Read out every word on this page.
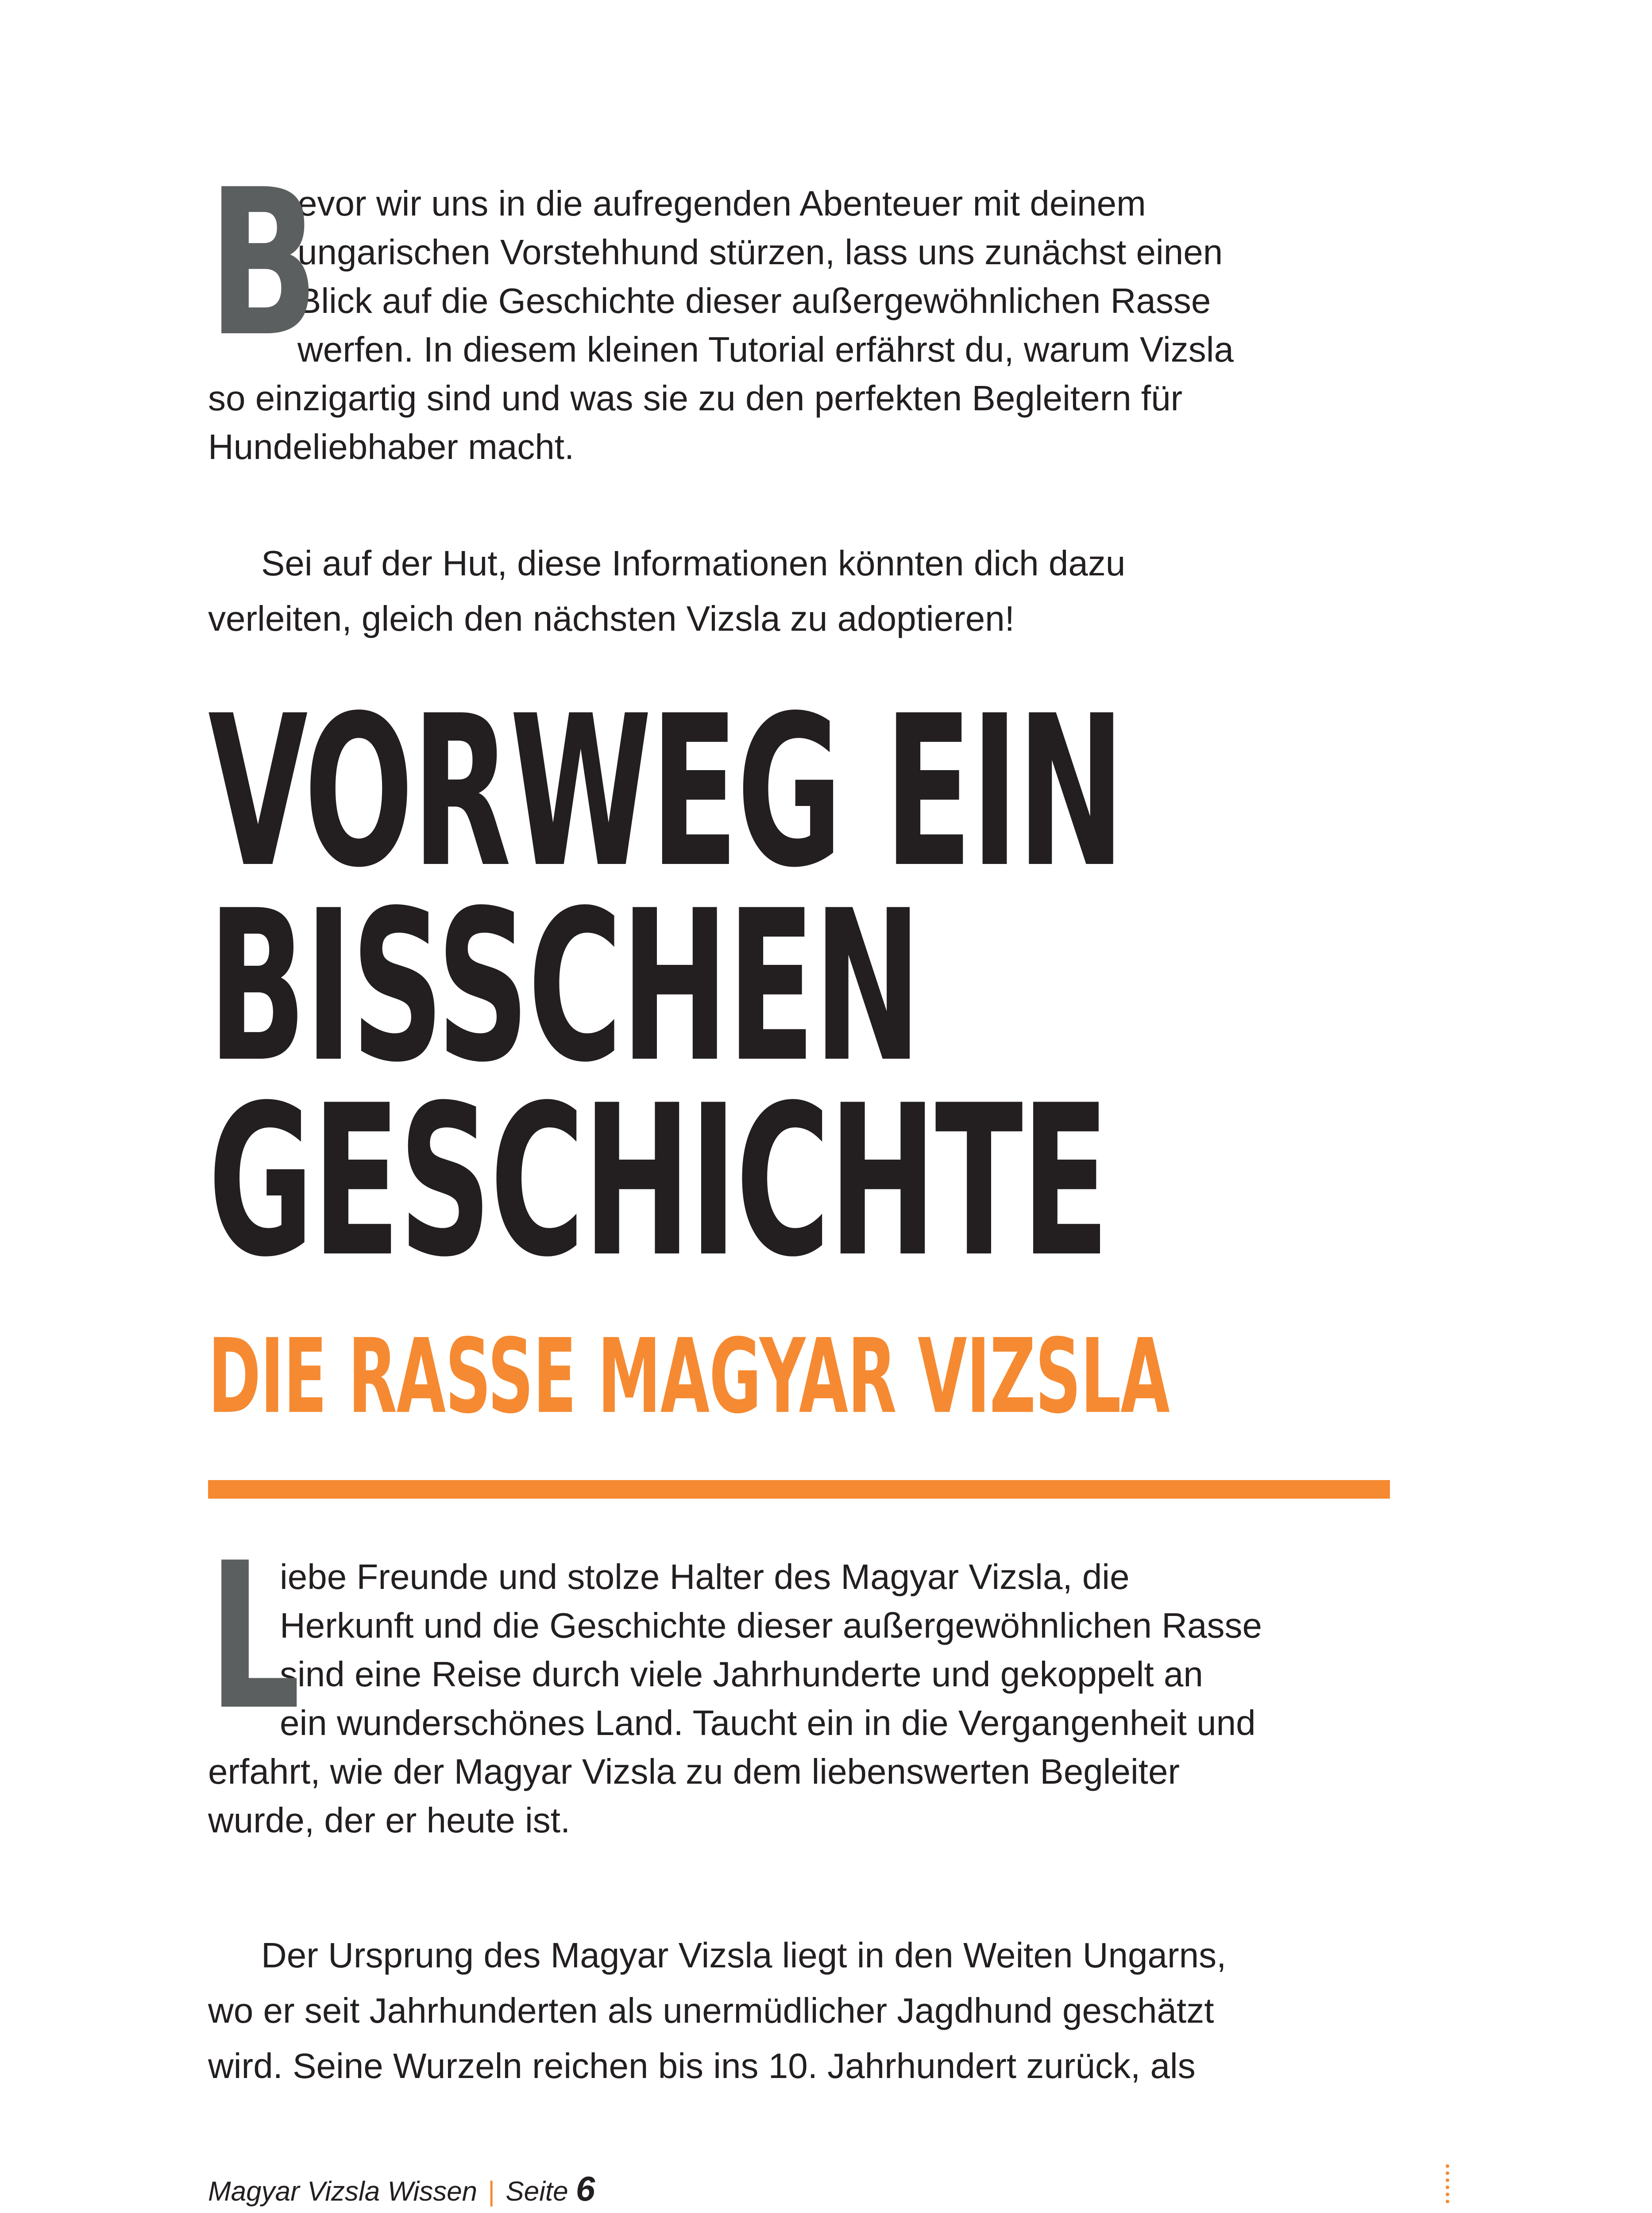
B
evor wir uns in die aufregenden Abenteuer mit deinem
ungarischen Vorstehhund stürzen, lass uns zunächst einen
Blick auf die Geschichte dieser außergewöhnlichen Rasse
werfen. In diesem kleinen Tutorial erfährst du, warum Vizsla
so einzigartig sind und was sie zu den perfekten Begleitern für
Hundeliebhaber macht.
Sei auf der Hut, diese Informationen könnten dich dazu
verleiten, gleich den nächsten Vizsla zu adoptieren!
VORWEG EIN
BISSCHEN
GESCHICHTE
DIE RASSE MAGYAR VIZSLA
L
iebe Freunde und stolze Halter des Magyar Vizsla, die
Herkunft und die Geschichte dieser außergewöhnlichen Rasse
sind eine Reise durch viele Jahrhunderte und gekoppelt an
ein wunderschönes Land. Taucht ein in die Vergangenheit und
erfahrt, wie der Magyar Vizsla zu dem liebenswerten Begleiter
wurde, der er heute ist.
Der Ursprung des Magyar Vizsla liegt in den Weiten Ungarns,
wo er seit Jahrhunderten als unermüdlicher Jagdhund geschätzt
wird. Seine Wurzeln reichen bis ins 10. Jahrhundert zurück, als
Magyar Vizsla Wissen | Seite 6
